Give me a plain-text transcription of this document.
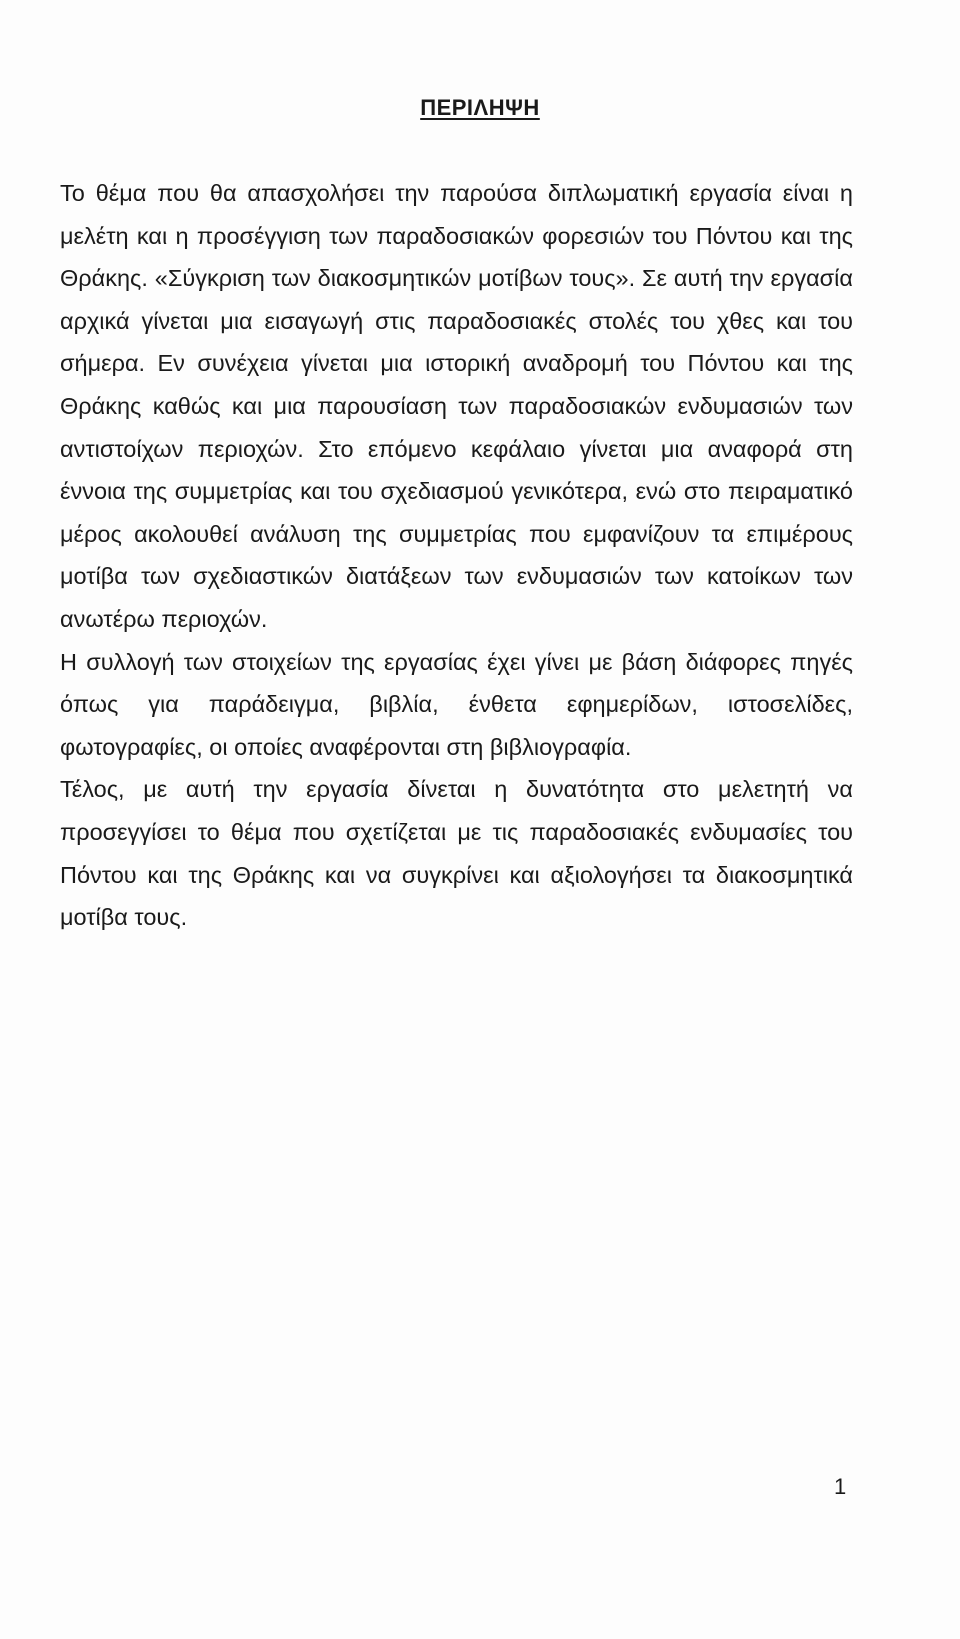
ΠΕΡΙΛΗΨΗ

Το θέμα που θα απασχολήσει την παρούσα διπλωματική εργασία είναι η μελέτη και η προσέγγιση των παραδοσιακών φορεσιών του Πόντου και της Θράκης. «Σύγκριση των διακοσμητικών μοτίβων τους». Σε αυτή την εργασία αρχικά γίνεται μια εισαγωγή στις παραδοσιακές στολές του χθες και του σήμερα. Εν συνέχεια γίνεται μια ιστορική αναδρομή του Πόντου και της Θράκης καθώς και μια παρουσίαση των παραδοσιακών ενδυμασιών των αντιστοίχων περιοχών. Στο επόμενο κεφάλαιο γίνεται μια αναφορά στη έννοια της συμμετρίας και του σχεδιασμού γενικότερα, ενώ στο πειραματικό μέρος ακολουθεί ανάλυση της συμμετρίας που εμφανίζουν τα επιμέρους μοτίβα των σχεδιαστικών διατάξεων των ενδυμασιών των κατοίκων των ανωτέρω περιοχών.

Η συλλογή των στοιχείων της εργασίας έχει γίνει με βάση διάφορες πηγές όπως για παράδειγμα, βιβλία, ένθετα εφημερίδων, ιστοσελίδες, φωτογραφίες, οι οποίες αναφέρονται στη βιβλιογραφία.

Τέλος, με αυτή την εργασία δίνεται η δυνατότητα στο μελετητή να προσεγγίσει το θέμα που σχετίζεται με τις παραδοσιακές ενδυμασίες του Πόντου και της Θράκης και να συγκρίνει και αξιολογήσει τα διακοσμητικά μοτίβα τους.

1
